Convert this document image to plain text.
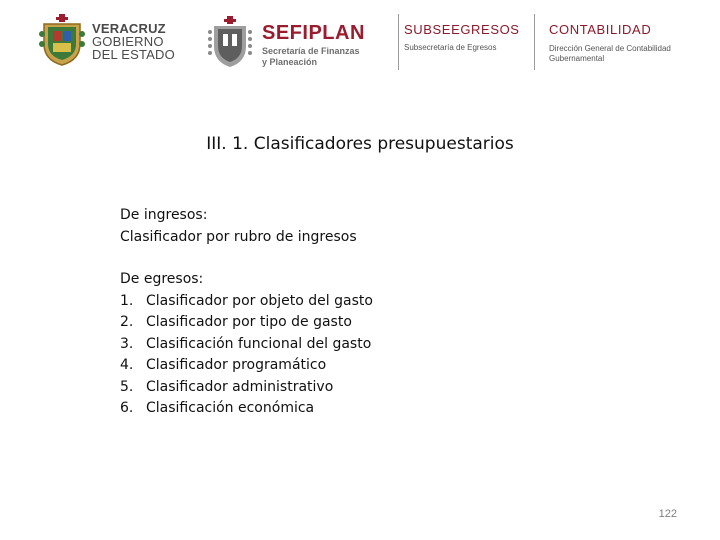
VERACRUZ
GOBIERNO
DEL ESTADO
SEFIPLAN
Secretaría de Finanzas
y Planeación
SUBSEEGRESOS
Subsecretaría de Egresos
CONTABILIDAD
Dirección General de Contabilidad
Gubernamental
III. 1. Clasificadores presupuestarios
De ingresos:
Clasificador por rubro de ingresos
De egresos:
1. Clasificador por objeto del gasto
2. Clasificador por tipo de gasto
3. Clasificación funcional del gasto
4. Clasificador programático
5. Clasificador administrativo
6. Clasificación económica
122
